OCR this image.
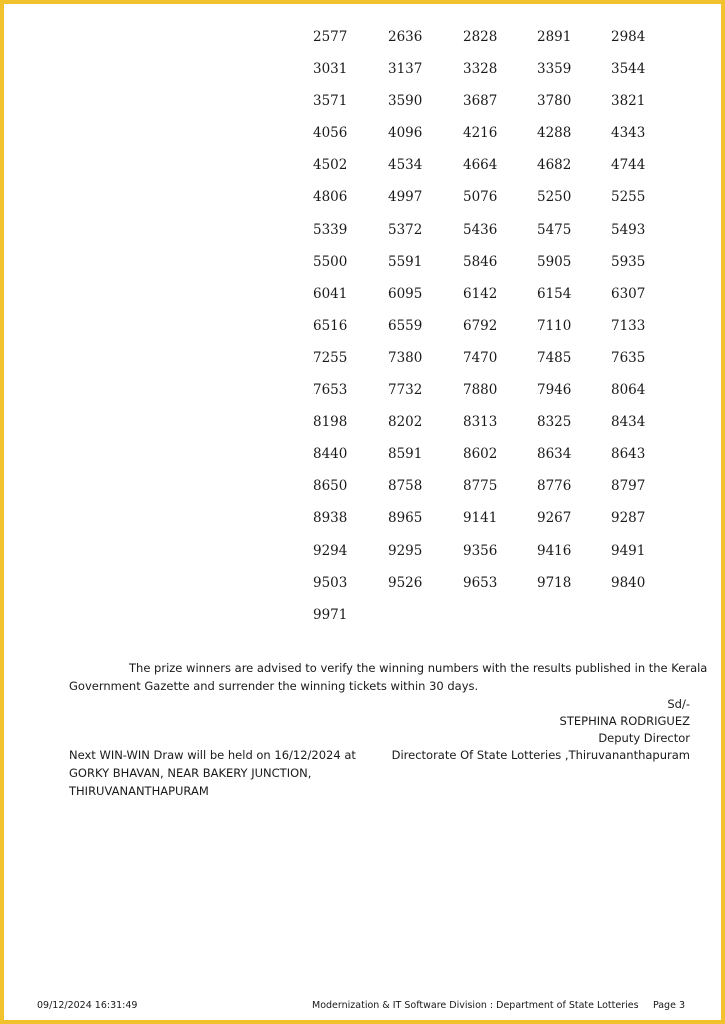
2577	2636	2828	2891	2984
3031	3137	3328	3359	3544
3571	3590	3687	3780	3821
4056	4096	4216	4288	4343
4502	4534	4664	4682	4744
4806	4997	5076	5250	5255
5339	5372	5436	5475	5493
5500	5591	5846	5905	5935
6041	6095	6142	6154	6307
6516	6559	6792	7110	7133
7255	7380	7470	7485	7635
7653	7732	7880	7946	8064
8198	8202	8313	8325	8434
8440	8591	8602	8634	8643
8650	8758	8775	8776	8797
8938	8965	9141	9267	9287
9294	9295	9356	9416	9491
9503	9526	9653	9718	9840
9971
The prize winners are advised to verify the winning numbers with the results published in the Kerala
Government Gazette and surrender the winning tickets within 30 days.
Sd/-
STEPHINA RODRIGUEZ
Deputy Director
Directorate Of State Lotteries ,Thiruvananthapuram
Next WIN-WIN Draw will be held on 16/12/2024 at
GORKY BHAVAN, NEAR BAKERY JUNCTION,
THIRUVANANTHAPURAM
09/12/2024 16:31:49	Modernization & IT Software Division : Department of State Lotteries Page 3
